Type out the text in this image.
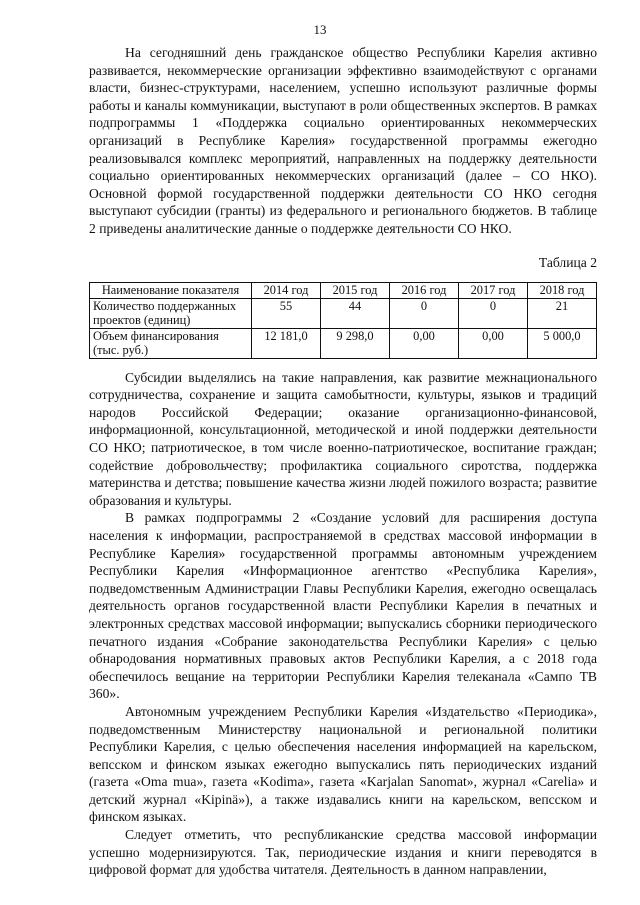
13

На сегодняшний день гражданское общество Республики Карелия активно развивается, некоммерческие организации эффективно взаимодействуют с органами власти, бизнес-структурами, населением, успешно используют различные формы работы и каналы коммуникации, выступают в роли общественных экспертов. В рамках подпрограммы 1 «Поддержка социально ориентированных некоммерческих организаций в Республике Карелия» государственной программы ежегодно реализовывался комплекс мероприятий, направленных на поддержку деятельности социально ориентированных некоммерческих организаций (далее – СО НКО). Основной формой государственной поддержки деятельности СО НКО сегодня выступают субсидии (гранты) из федерального и регионального бюджетов. В таблице 2 приведены аналитические данные о поддержке деятельности СО НКО.

Таблица 2
Наименование показателя	2014 год	2015 год	2016 год	2017 год	2018 год
Количество поддержанных проектов (единиц)	55	44	0	0	21
Объем финансирования (тыс. руб.)	12 181,0	9 298,0	0,00	0,00	5 000,0

Субсидии выделялись на такие направления, как развитие межнационального сотрудничества, сохранение и защита самобытности, культуры, языков и традиций народов Российской Федерации; оказание организационно-финансовой, информационной, консультационной, методической и иной поддержки деятельности СО НКО; патриотическое, в том числе военно-патриотическое, воспитание граждан; содействие добровольчеству; профилактика социального сиротства, поддержка материнства и детства; повышение качества жизни людей пожилого возраста; развитие образования и культуры.

В рамках подпрограммы 2 «Создание условий для расширения доступа населения к информации, распространяемой в средствах массовой информации в Республике Карелия» государственной программы автономным учреждением Республики Карелия «Информационное агентство «Республика Карелия», подведомственным Администрации Главы Республики Карелия, ежегодно освещалась деятельность органов государственной власти Республики Карелия в печатных и электронных средствах массовой информации; выпускались сборники периодического печатного издания «Собрание законодательства Республики Карелия» с целью обнародования нормативных правовых актов Республики Карелия, а с 2018 года обеспечилось вещание на территории Республики Карелия телеканала «Сампо ТВ 360».

Автономным учреждением Республики Карелия «Издательство «Периодика», подведомственным Министерству национальной и региональной политики Республики Карелия, с целью обеспечения населения информацией на карельском, вепсском и финском языках ежегодно выпускались пять периодических изданий (газета «Oma mua», газета «Kodima», газета «Karjalan Sanomat», журнал «Carelia» и детский журнал «Kipinä»), а также издавались книги на карельском, вепсском и финском языках.

Следует отметить, что республиканские средства массовой информации успешно модернизируются. Так, периодические издания и книги переводятся в цифровой формат для удобства читателя. Деятельность в данном направлении,
